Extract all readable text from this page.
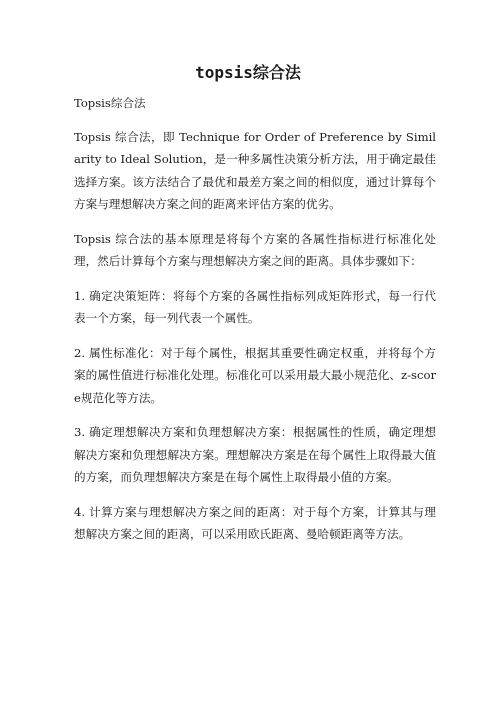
topsis综合法

Topsis综合法

Topsis 综合法，即 Technique for Order of Preference by Similarity to Ideal Solution，是一种多属性决策分析方法，用于确定最佳选择方案。该方法结合了最优和最差方案之间的相似度，通过计算每个方案与理想解决方案之间的距离来评估方案的优劣。

Topsis 综合法的基本原理是将每个方案的各属性指标进行标准化处理，然后计算每个方案与理想解决方案之间的距离。具体步骤如下：

1. 确定决策矩阵：将每个方案的各属性指标列成矩阵形式，每一行代表一个方案，每一列代表一个属性。

2. 属性标准化：对于每个属性，根据其重要性确定权重，并将每个方案的属性值进行标准化处理。标准化可以采用最大最小规范化、z-score规范化等方法。

3. 确定理想解决方案和负理想解决方案：根据属性的性质，确定理想解决方案和负理想解决方案。理想解决方案是在每个属性上取得最大值的方案，而负理想解决方案是在每个属性上取得最小值的方案。

4. 计算方案与理想解决方案之间的距离：对于每个方案，计算其与理想解决方案之间的距离，可以采用欧氏距离、曼哈顿距离等方法。
